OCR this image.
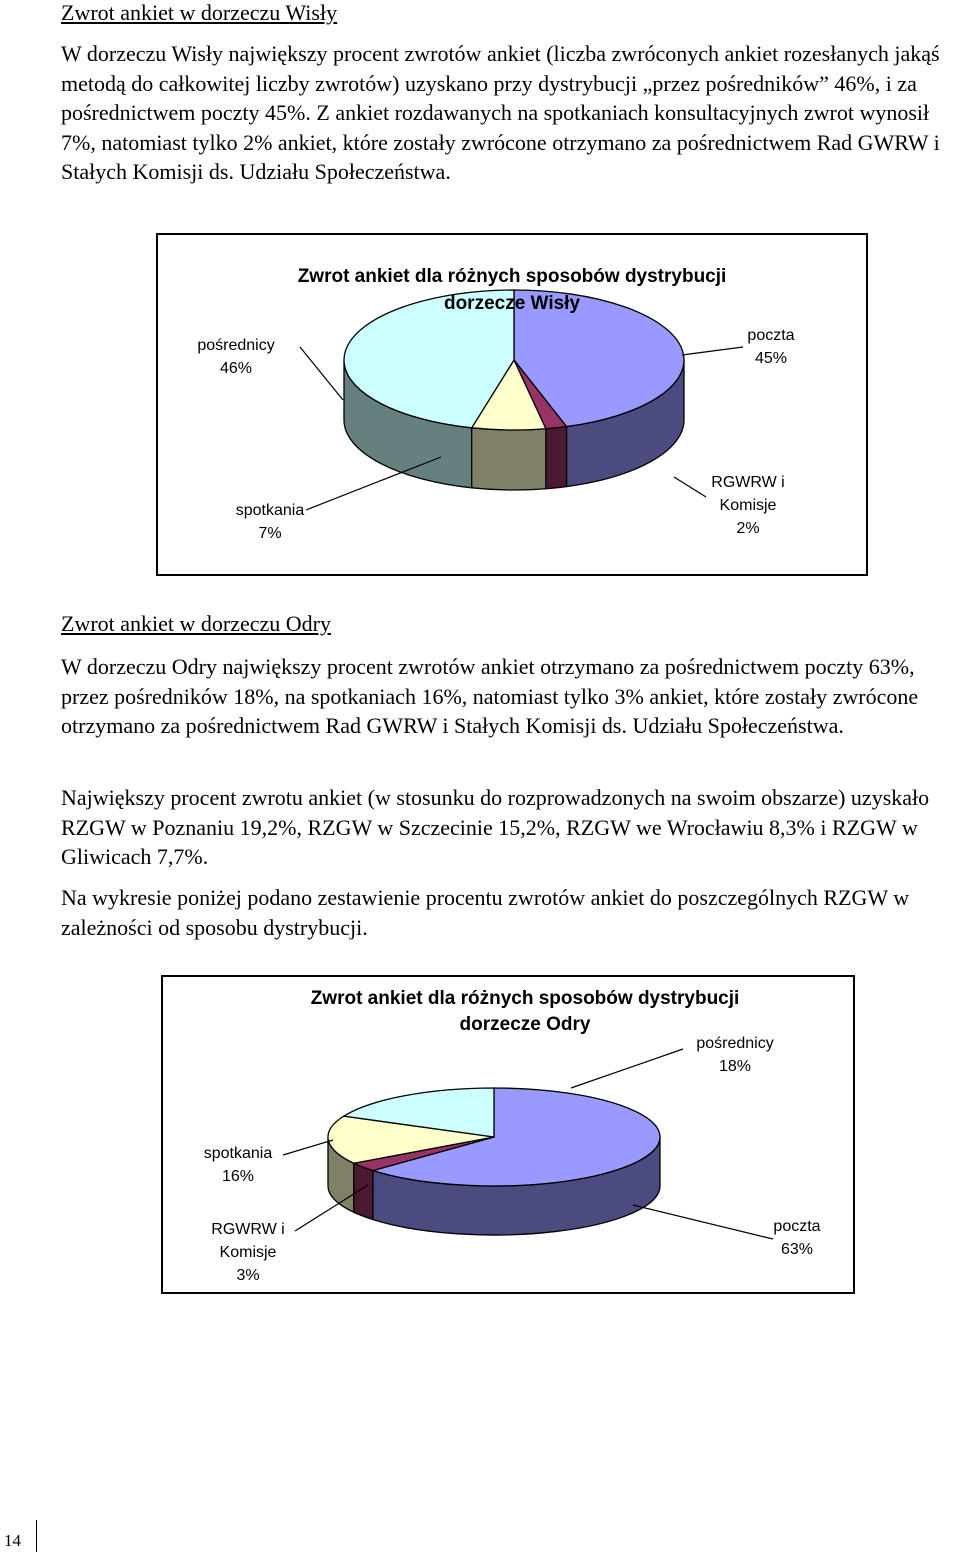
Zwrot ankiet w dorzeczu Wisły

W dorzeczu Wisły największy procent zwrotów ankiet (liczba zwróconych ankiet rozesłanych jakąś metodą do całkowitej liczby zwrotów) uzyskano przy dystrybucji „przez pośredników” 46%, i za pośrednictwem poczty 45%. Z ankiet rozdawanych na spotkaniach konsultacyjnych zwrot wynosił 7%, natomiast tylko 2% ankiet, które zostały zwrócone otrzymano za pośrednictwem Rad GWRW i Stałych Komisji ds. Udziału Społeczeństwa.

Zwrot ankiet dla różnych sposobów dystrybucji
dorzecze Wisły
poczta
45%
RGWRW i
Komisje
2%
spotkania
7%
pośrednicy
46%
Zwrot ankiet w dorzeczu Odry

W dorzeczu Odry największy procent zwrotów ankiet otrzymano za pośrednictwem poczty 63%, przez pośredników 18%, na spotkaniach 16%, natomiast tylko 3% ankiet, które zostały zwrócone otrzymano za pośrednictwem Rad GWRW i Stałych Komisji ds. Udziału Społeczeństwa.

Największy procent zwrotu ankiet (w stosunku do rozprowadzonych na swoim obszarze) uzyskało RZGW w Poznaniu 19,2%, RZGW w Szczecinie 15,2%, RZGW we Wrocławiu 8,3% i RZGW w Gliwicach 7,7%.

Na wykresie poniżej podano zestawienie procentu zwrotów ankiet do poszczególnych RZGW w zależności od sposobu dystrybucji.

Zwrot ankiet dla różnych sposobów dystrybucji
dorzecze Odry
poczta
63%
RGWRW i
Komisje
3%
spotkania
16%
pośrednicy
18%
14
